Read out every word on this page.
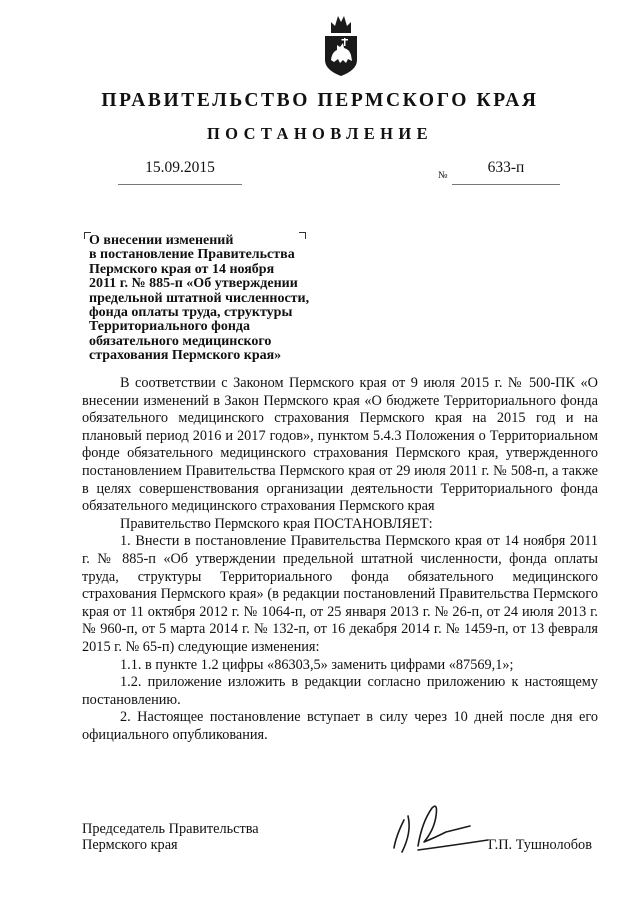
ПРАВИТЕЛЬСТВО ПЕРМСКОГО КРАЯ
ПОСТАНОВЛЕНИЕ
15.09.2015	№	633-п
О внесении изменений
в постановление Правительства
Пермского края от 14 ноября
2011 г. № 885-п «Об утверждении
предельной штатной численности,
фонда оплаты труда, структуры
Территориального фонда
обязательного медицинского
страхования Пермского края»

В соответствии с Законом Пермского края от 9 июля 2015 г. № 500-ПК «О внесении изменений в Закон Пермского края «О бюджете Территориального фонда обязательного медицинского страхования Пермского края на 2015 год и на плановый период 2016 и 2017 годов», пунктом 5.4.3 Положения о Территориальном фонде обязательного медицинского страхования Пермского края, утвержденного постановлением Правительства Пермского края от 29 июля 2011 г. № 508-п, а также в целях совершенствования организации деятельности Территориального фонда обязательного медицинского страхования Пермского края

Правительство Пермского края ПОСТАНОВЛЯЕТ:

1. Внести в постановление Правительства Пермского края от 14 ноября 2011 г. № 885-п «Об утверждении предельной штатной численности, фонда оплаты труда, структуры Территориального фонда обязательного медицинского страхования Пермского края» (в редакции постановлений Правительства Пермского края от 11 октября 2012 г. № 1064-п, от 25 января 2013 г. № 26-п, от 24 июля 2013 г. № 960-п, от 5 марта 2014 г. № 132-п, от 16 декабря 2014 г. № 1459-п, от 13 февраля 2015 г. № 65-п) следующие изменения:

1.1. в пункте 1.2 цифры «86303,5» заменить цифрами «87569,1»;

1.2. приложение изложить в редакции согласно приложению к настоящему постановлению.

2. Настоящее постановление вступает в силу через 10 дней после дня его официального опубликования.

Председатель Правительства
Пермского края	Г.П. Тушнолобов
